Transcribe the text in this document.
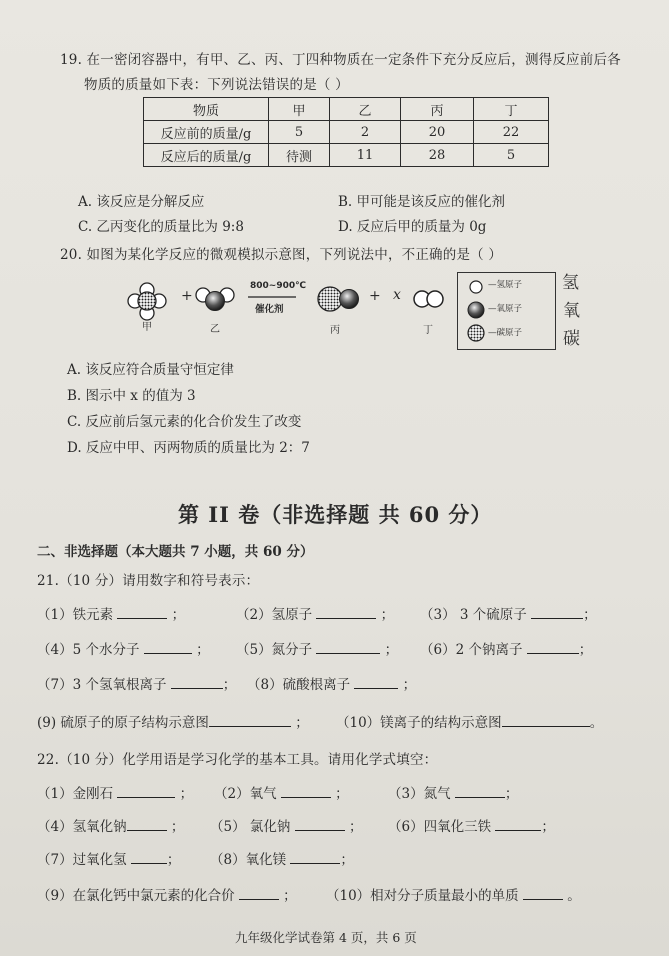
19. 在一密闭容器中，有甲、乙、丙、丁四种物质在一定条件下充分反应后，测得反应前后各
物质的质量如下表：下列说法错误的是（ ）
物质	甲	乙	丙	丁
反应前的质量/g	5	2	20	22
反应后的质量/g	待测	11	28	5
A. 该反应是分解反应	B. 甲可能是该反应的催化剂
C. 乙丙变化的质量比为 9:8	D. 反应后甲的质量为 0g
20. 如图为某化学反应的微观模拟示意图，下列说法中，不正确的是（ ）
+
800~900℃
催化剂
+ x
甲	乙	丙	丁
—氢原子
—氧原子
—碳原子
氢
氧
碳
A. 该反应符合质量守恒定律
B. 图示中 x 的值为 3
C. 反应前后氢元素的化合价发生了改变
D. 反应中甲、丙两物质的质量比为 2：7
第 II 卷（非选择题 共 60 分）
二、非选择题（本大题共 7 小题，共 60 分）
21.（10 分）请用数字和符号表示：
（1）铁元素	；	（2）氢原子	； （3） 3 个硫原子	；
（4）5 个水分子	； （5）氮分子	； （6）2 个钠离子	；
（7）3 个氢氧根离子	； （8）硫酸根离子	；
(9) 硫原子的原子结构示意图	； （10）镁离子的结构示意图	。
22.（10 分）化学用语是学习化学的基本工具。请用化学式填空：
（1）金刚石	； （2）氧气	；	（3）氮气	；
（4）氢氧化钠	； （5） 氯化钠	； （6）四氧化三铁	；
（7）过氧化氢	； （8）氧化镁	；
（9）在氯化钙中氯元素的化合价	； （10）相对分子质量最小的单质	。
九年级化学试卷第 4 页，共 6 页
